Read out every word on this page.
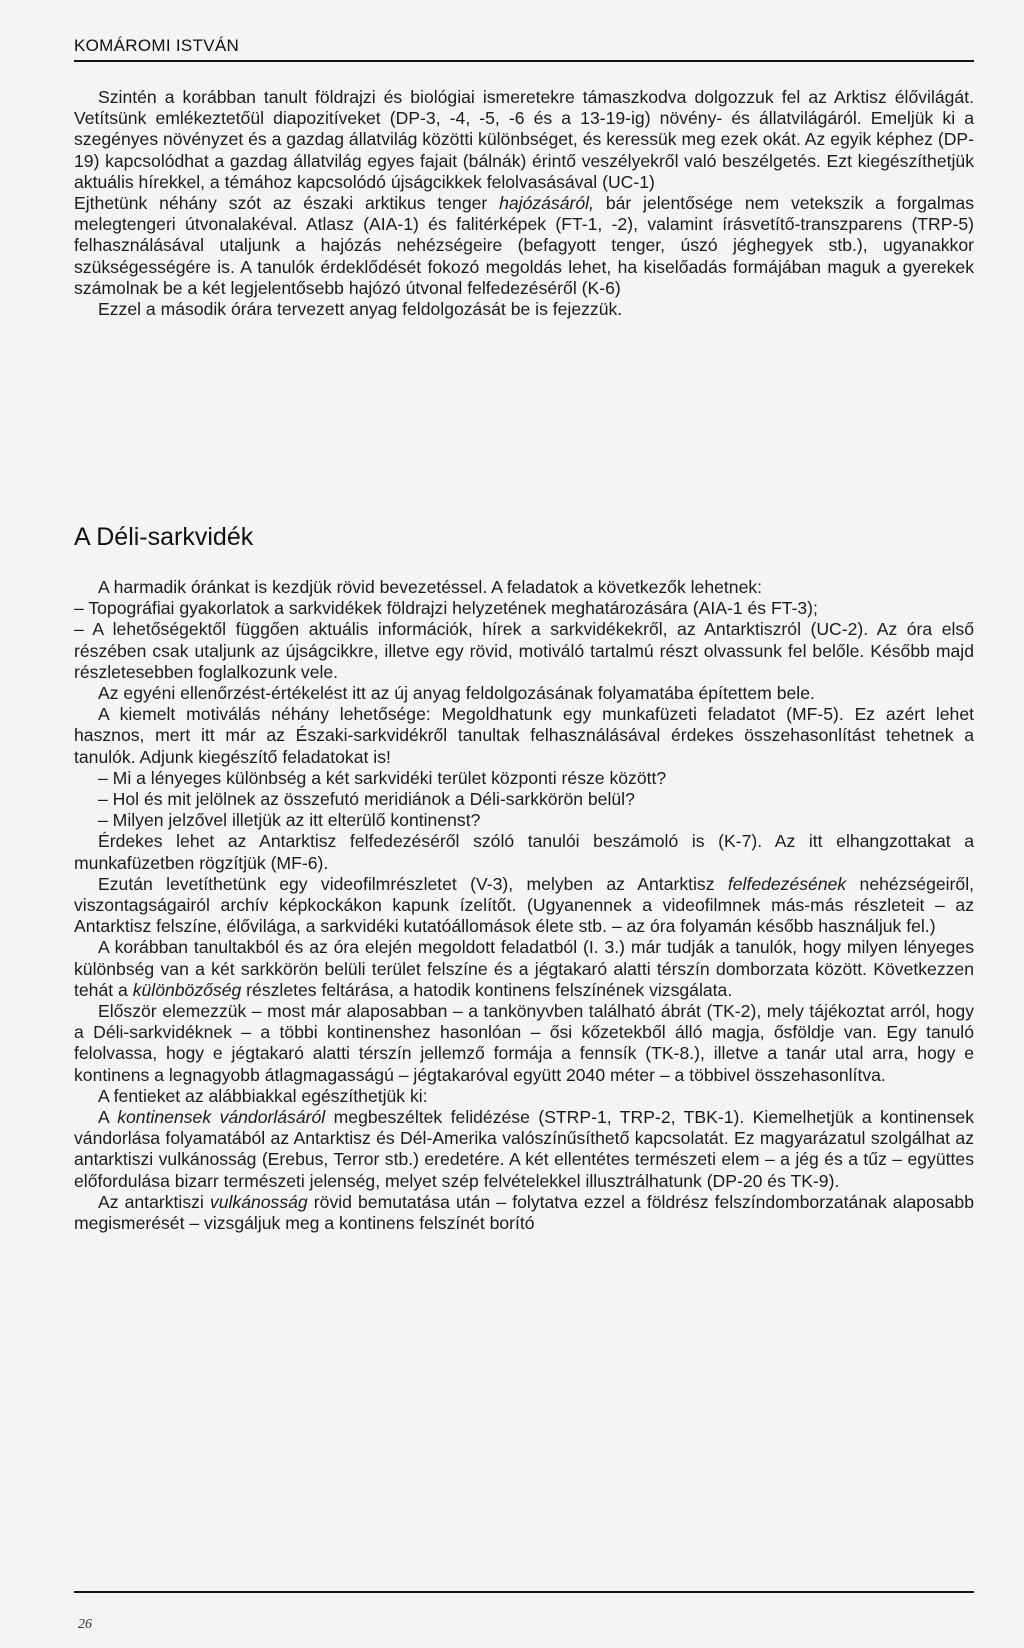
KOMÁROMI ISTVÁN

Szintén a korábban tanult földrajzi és biológiai ismeretekre támaszkodva dolgozzuk fel az Arktisz élővilágát. Vetítsünk emlékeztetőül diapozitíveket (DP-3, -4, -5, -6 és a 13-19-ig) növény- és állatvilágáról. Emeljük ki a szegényes növényzet és a gazdag állatvilág közötti különbséget, és keressük meg ezek okát. Az egyik képhez (DP-19) kapcsolódhat a gazdag állatvilág egyes fajait (bálnák) érintő veszélyekről való beszélgetés. Ezt kiegészíthetjük aktuális hírekkel, a témához kapcsolódó újságcikkek felolvasásával (UC-1)

Ejthetünk néhány szót az északi arktikus tenger hajózásáról, bár jelentősége nem vetekszik a forgalmas melegtengeri útvonalakéval. Atlasz (AIA-1) és falitérképek (FT-1, -2), valamint írásvetítő-transzparens (TRP-5) felhasználásával utaljunk a hajózás nehézségeire (befagyott tenger, úszó jéghegyek stb.), ugyanakkor szükségességére is. A tanulók érdeklődését fokozó megoldás lehet, ha kiselőadás formájában maguk a gyerekek számolnak be a két legjelentősebb hajózó útvonal felfedezéséről (K-6)

Ezzel a második órára tervezett anyag feldolgozását be is fejezzük.

A Déli-sarkvidék

A harmadik óránkat is kezdjük rövid bevezetéssel. A feladatok a következők lehetnek:

– Topográfiai gyakorlatok a sarkvidékek földrajzi helyzetének meghatározására (AIA-1 és FT-3);

– A lehetőségektől függően aktuális információk, hírek a sarkvidékekről, az Antarktiszról (UC-2). Az óra első részében csak utaljunk az újságcikkre, illetve egy rövid, motiváló tartalmú részt olvassunk fel belőle. Később majd részletesebben foglalkozunk vele.

Az egyéni ellenőrzést-értékelést itt az új anyag feldolgozásának folyamatába építettem bele.

A kiemelt motiválás néhány lehetősége: Megoldhatunk egy munkafüzeti feladatot (MF-5). Ez azért lehet hasznos, mert itt már az Északi-sarkvidékről tanultak felhasználásával érdekes összehasonlítást tehetnek a tanulók. Adjunk kiegészítő feladatokat is!

– Mi a lényeges különbség a két sarkvidéki terület központi része között?

– Hol és mit jelölnek az összefutó meridiánok a Déli-sarkkörön belül?

– Milyen jelzővel illetjük az itt elterülő kontinenst?

Érdekes lehet az Antarktisz felfedezéséről szóló tanulói beszámoló is (K-7). Az itt elhangzottakat a munkafüzetben rögzítjük (MF-6).

Ezután levetíthetünk egy videofilmrészletet (V-3), melyben az Antarktisz felfedezésének nehézségeiről, viszontagságairól archív képkockákon kapunk ízelítőt. (Ugyanennek a videofilmnek más-más részleteit – az Antarktisz felszíne, élővilága, a sarkvidéki kutatóállomások élete stb. – az óra folyamán később használjuk fel.)

A korábban tanultakból és az óra elején megoldott feladatból (I. 3.) már tudják a tanulók, hogy milyen lényeges különbség van a két sarkkörön belüli terület felszíne és a jégtakaró alatti térszín domborzata között. Következzen tehát a különbözőség részletes feltárása, a hatodik kontinens felszínének vizsgálata.

Először elemezzük – most már alaposabban – a tankönyvben található ábrát (TK-2), mely tájékoztat arról, hogy a Déli-sarkvidéknek – a többi kontinenshez hasonlóan – ősi kőzetekből álló magja, ősföldje van. Egy tanuló felolvassa, hogy e jégtakaró alatti térszín jellemző formája a fennsík (TK-8.), illetve a tanár utal arra, hogy e kontinens a legnagyobb átlagmagasságú – jégtakaróval együtt 2040 méter – a többivel összehasonlítva.

A fentieket az alábbiakkal egészíthetjük ki:

A kontinensek vándorlásáról megbeszéltek felidézése (STRP-1, TRP-2, TBK-1). Kiemelhetjük a kontinensek vándorlása folyamatából az Antarktisz és Dél-Amerika valószínűsíthető kapcsolatát. Ez magyarázatul szolgálhat az antarktiszi vulkánosság (Erebus, Terror stb.) eredetére. A két ellentétes természeti elem – a jég és a tűz – együttes előfordulása bizarr természeti jelenség, melyet szép felvételekkel illusztrálhatunk (DP-20 és TK-9).

Az antarktiszi vulkánosság rövid bemutatása után – folytatva ezzel a földrész felszíndomborzatának alaposabb megismerését – vizsgáljuk meg a kontinens felszínét borító

26
